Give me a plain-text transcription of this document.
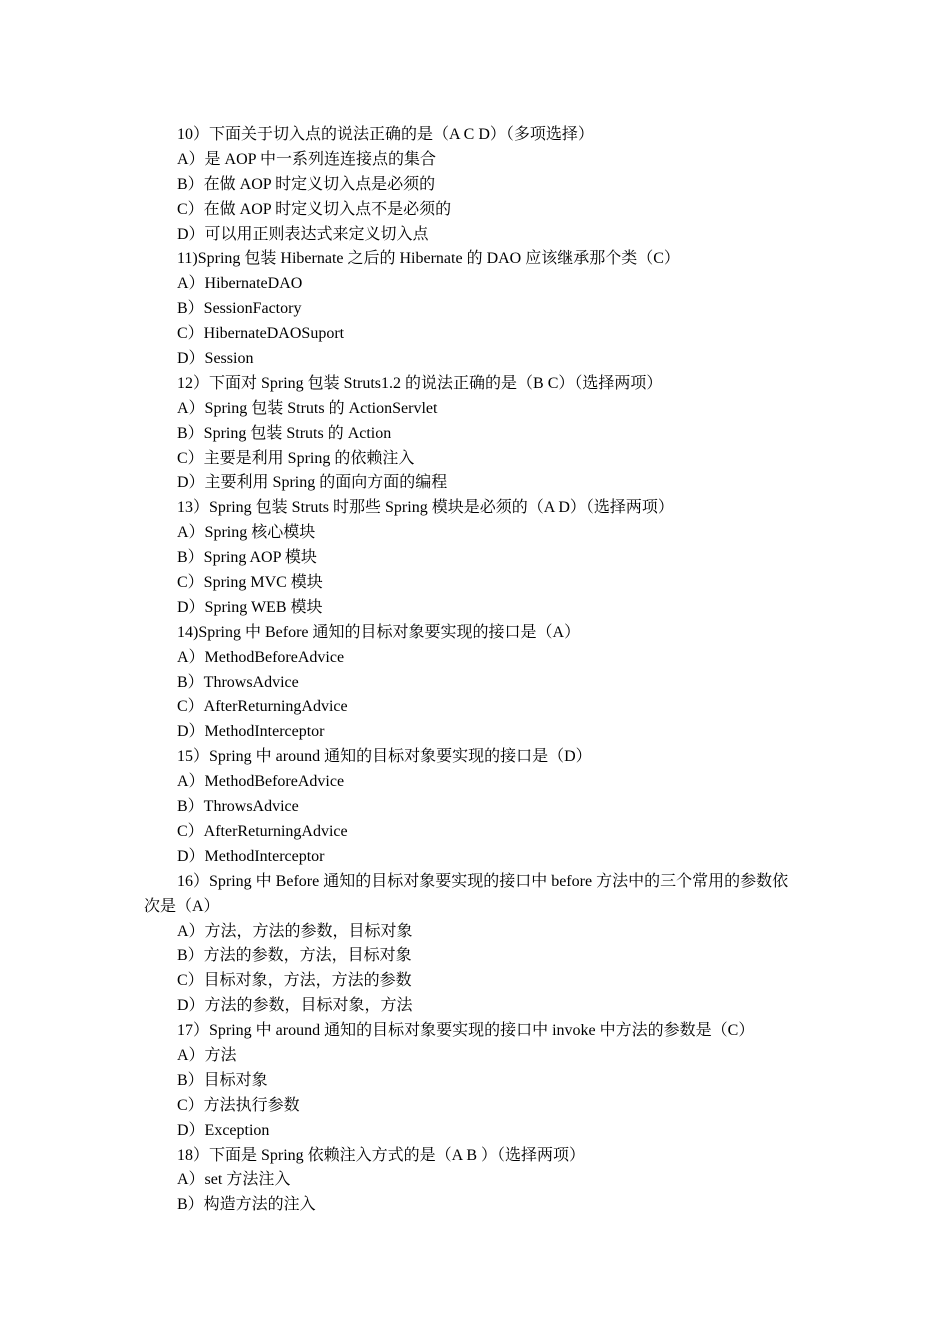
10）下面关于切入点的说法正确的是（A C D）（多项选择）
A）是 AOP 中一系列连连接点的集合
B）在做 AOP 时定义切入点是必须的
C）在做 AOP 时定义切入点不是必须的
D）可以用正则表达式来定义切入点
11)Spring 包装 Hibernate 之后的 Hibernate 的 DAO 应该继承那个类（C）
A）HibernateDAO
B）SessionFactory
C）HibernateDAOSuport
D）Session
12）下面对 Spring 包装 Struts1.2 的说法正确的是（B C）（选择两项）
A）Spring 包装 Struts 的 ActionServlet
B）Spring 包装 Struts 的 Action
C）主要是利用 Spring 的依赖注入
D）主要利用 Spring 的面向方面的编程
13）Spring 包装 Struts 时那些 Spring 模块是必须的（A D）（选择两项）
A）Spring 核心模块
B）Spring AOP 模块
C）Spring MVC 模块
D）Spring WEB 模块
14)Spring 中 Before 通知的目标对象要实现的接口是（A）
A）MethodBeforeAdvice
B）ThrowsAdvice
C）AfterReturningAdvice
D）MethodInterceptor
15）Spring 中 around 通知的目标对象要实现的接口是（D）
A）MethodBeforeAdvice
B）ThrowsAdvice
C）AfterReturningAdvice
D）MethodInterceptor
16）Spring 中 Before 通知的目标对象要实现的接口中 before 方法中的三个常用的参数依
次是（A）
A）方法，方法的参数，目标对象
B）方法的参数，方法，目标对象
C）目标对象，方法，方法的参数
D）方法的参数，目标对象，方法
17）Spring 中 around 通知的目标对象要实现的接口中 invoke 中方法的参数是（C）
A）方法
B）目标对象
C）方法执行参数
D）Exception
18）下面是 Spring 依赖注入方式的是（A B ）（选择两项）
A）set 方法注入
B）构造方法的注入
